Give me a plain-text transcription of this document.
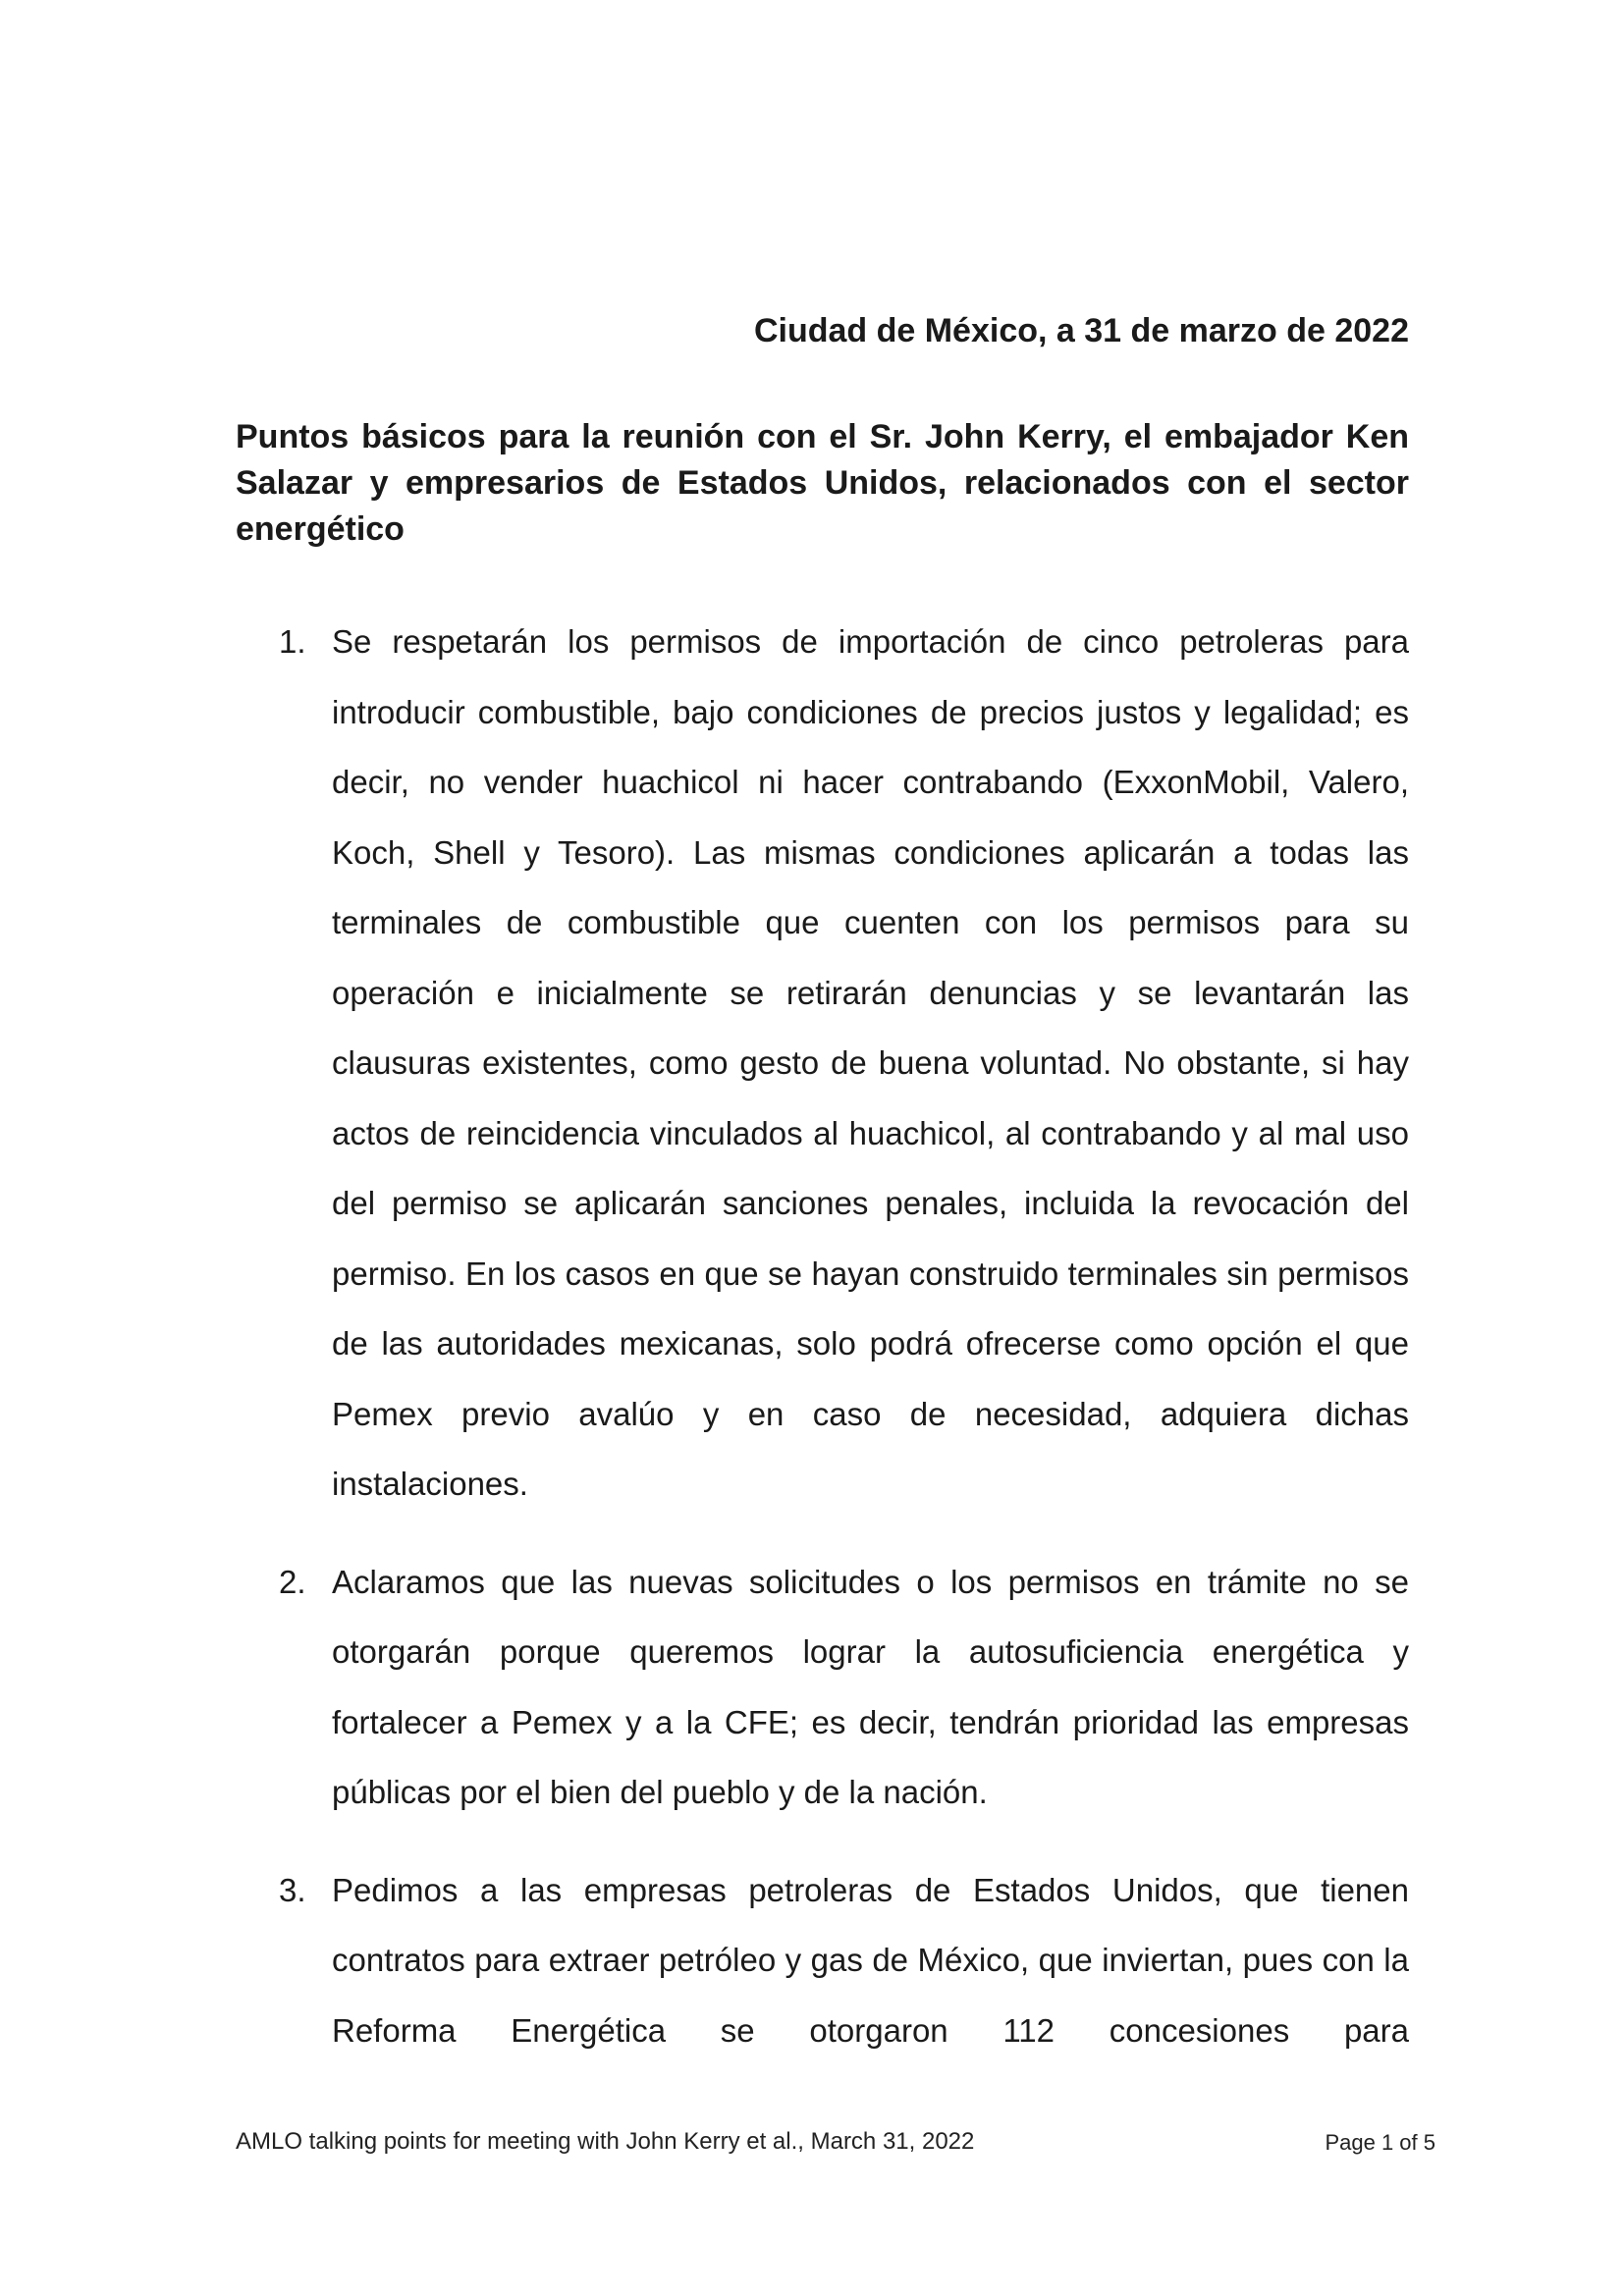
Ciudad de México, a 31 de marzo de 2022
Puntos básicos para la reunión con el Sr. John Kerry, el embajador Ken Salazar y empresarios de Estados Unidos, relacionados con el sector energético
1. Se respetarán los permisos de importación de cinco petroleras para introducir combustible, bajo condiciones de precios justos y legalidad; es decir, no vender huachicol ni hacer contrabando (ExxonMobil, Valero, Koch, Shell y Tesoro). Las mismas condiciones aplicarán a todas las terminales de combustible que cuenten con los permisos para su operación e inicialmente se retirarán denuncias y se levantarán las clausuras existentes, como gesto de buena voluntad. No obstante, si hay actos de reincidencia vinculados al huachicol, al contrabando y al mal uso del permiso se aplicarán sanciones penales, incluida la revocación del permiso. En los casos en que se hayan construido terminales sin permisos de las autoridades mexicanas, solo podrá ofrecerse como opción el que Pemex previo avalúo y en caso de necesidad, adquiera dichas instalaciones.
2. Aclaramos que las nuevas solicitudes o los permisos en trámite no se otorgarán porque queremos lograr la autosuficiencia energética y fortalecer a Pemex y a la CFE; es decir, tendrán prioridad las empresas públicas por el bien del pueblo y de la nación.
3. Pedimos a las empresas petroleras de Estados Unidos, que tienen contratos para extraer petróleo y gas de México, que inviertan, pues con la Reforma Energética se otorgaron 112 concesiones para
AMLO talking points for meeting with John Kerry et al., March 31, 2022	Page 1 of 5
